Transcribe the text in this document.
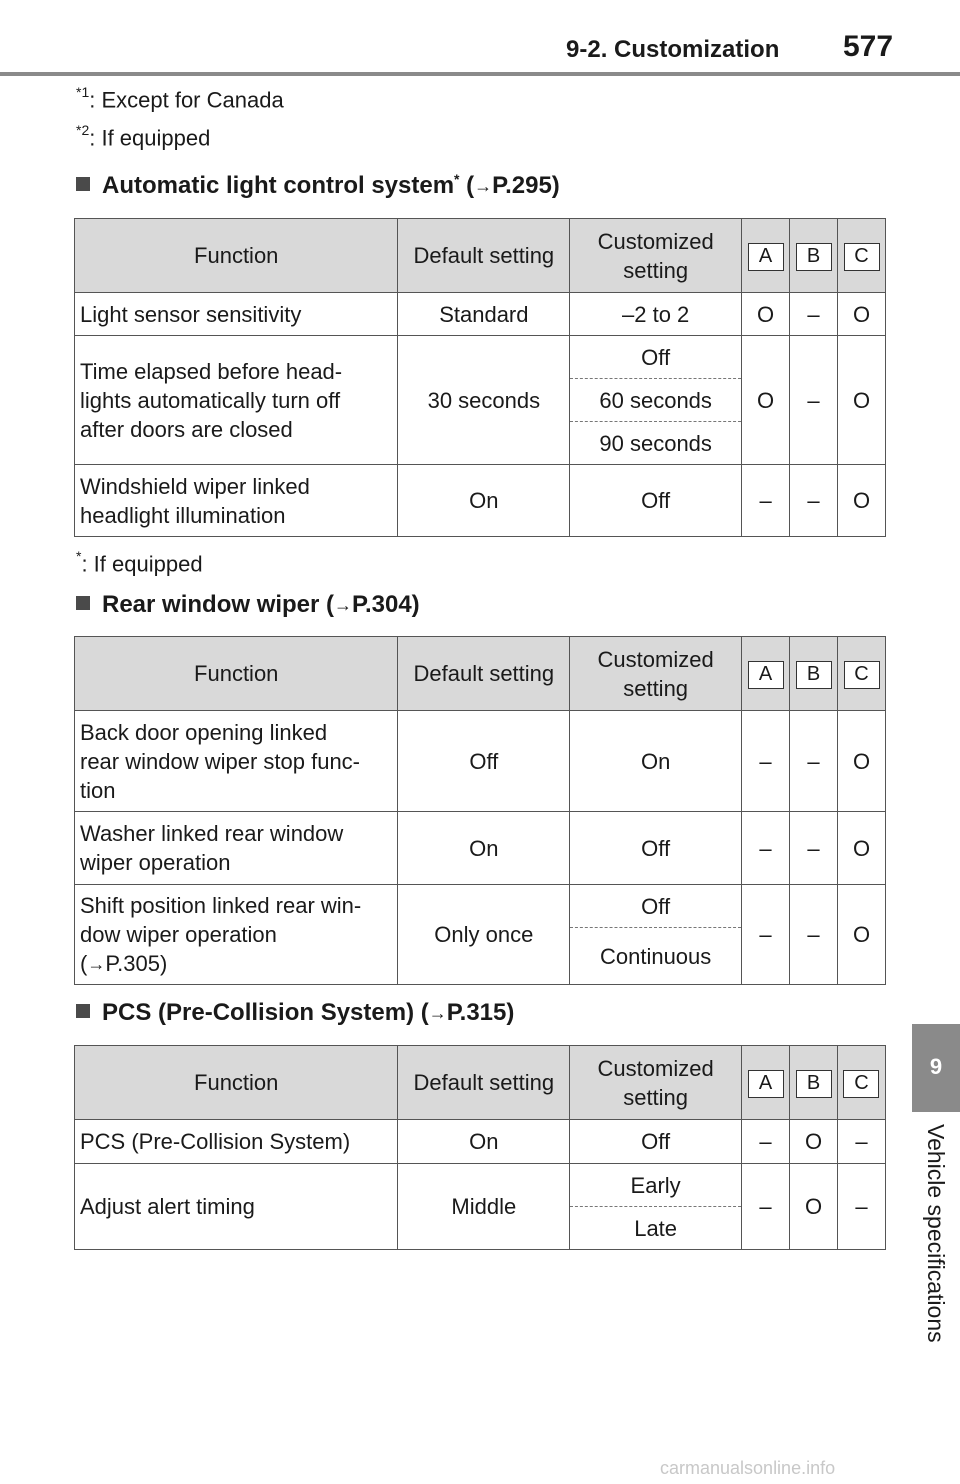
9-2. Customization 577
9
Vehicle specifications
$^{*1}$: Except for Canada
$^{*2}$: If equipped
Automatic light control system* (→P.295)
Function	Default setting	Customized
setting	A	B	C
Light sensor sensitivity	Standard	–2 to 2	O	–	O
Time elapsed before head-
lights automatically turn off
after doors are closed	30 seconds	Off	O	–	O
		60 seconds			
		90 seconds			
Windshield wiper linked
headlight illumination	On	Off	–	–	O
*: If equipped
Rear window wiper (→P.304)
Function	Default setting	Customized
setting	A	B	C
Back door opening linked
rear window wiper stop func-
tion	Off	On	–	–	O
Washer linked rear window
wiper operation	On	Off	–	–	O
Shift position linked rear win-
dow wiper operation
(→P.305)	Only once	Off	–	–	O
		Continuous			
PCS (Pre-Collision System) (→P.315)
Function	Default setting	Customized
setting	A	B	C
PCS (Pre-Collision System)	On	Off	–	O	–
Adjust alert timing	Middle	Early	–	O	–
		Late			
carmanualsonline.info
